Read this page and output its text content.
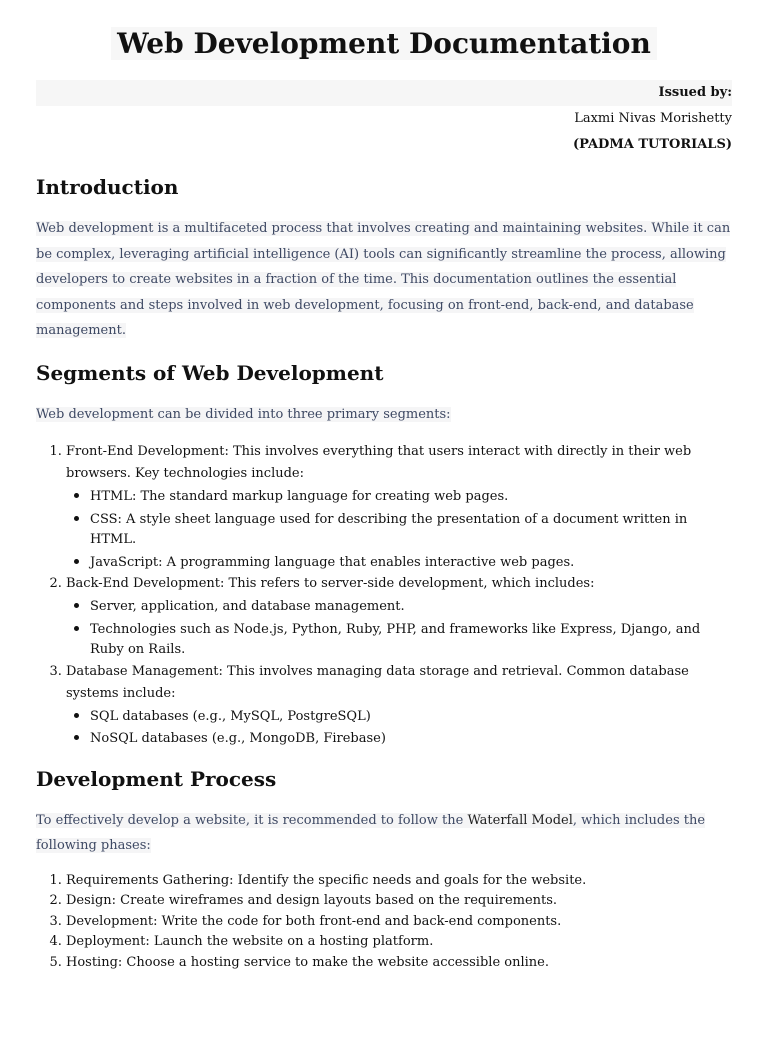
Web Development Documentation
Issued by:
Laxmi Nivas Morishetty
(PADMA TUTORIALS)
Introduction

Web development is a multifaceted process that involves creating and maintaining websites. While it can be complex, leveraging artificial intelligence (AI) tools can significantly streamline the process, allowing developers to create websites in a fraction of the time. This documentation outlines the essential components and steps involved in web development, focusing on front-end, back-end, and database management.

Segments of Web Development

Web development can be divided into three primary segments:

1. Front-End Development: This involves everything that users interact with directly in their web browsers. Key technologies include:
• HTML: The standard markup language for creating web pages.
• CSS: A style sheet language used for describing the presentation of a document written in HTML.
• JavaScript: A programming language that enables interactive web pages.
2. Back-End Development: This refers to server-side development, which includes:
• Server, application, and database management.
• Technologies such as Node.js, Python, Ruby, PHP, and frameworks like Express, Django, and Ruby on Rails.
3. Database Management: This involves managing data storage and retrieval. Common database systems include:
• SQL databases (e.g., MySQL, PostgreSQL)
• NoSQL databases (e.g., MongoDB, Firebase)
Development Process

To effectively develop a website, it is recommended to follow the Waterfall Model, which includes the following phases:

1. Requirements Gathering: Identify the specific needs and goals for the website.
2. Design: Create wireframes and design layouts based on the requirements.
3. Development: Write the code for both front-end and back-end components.
4. Deployment: Launch the website on a hosting platform.
5. Hosting: Choose a hosting service to make the website accessible online.
